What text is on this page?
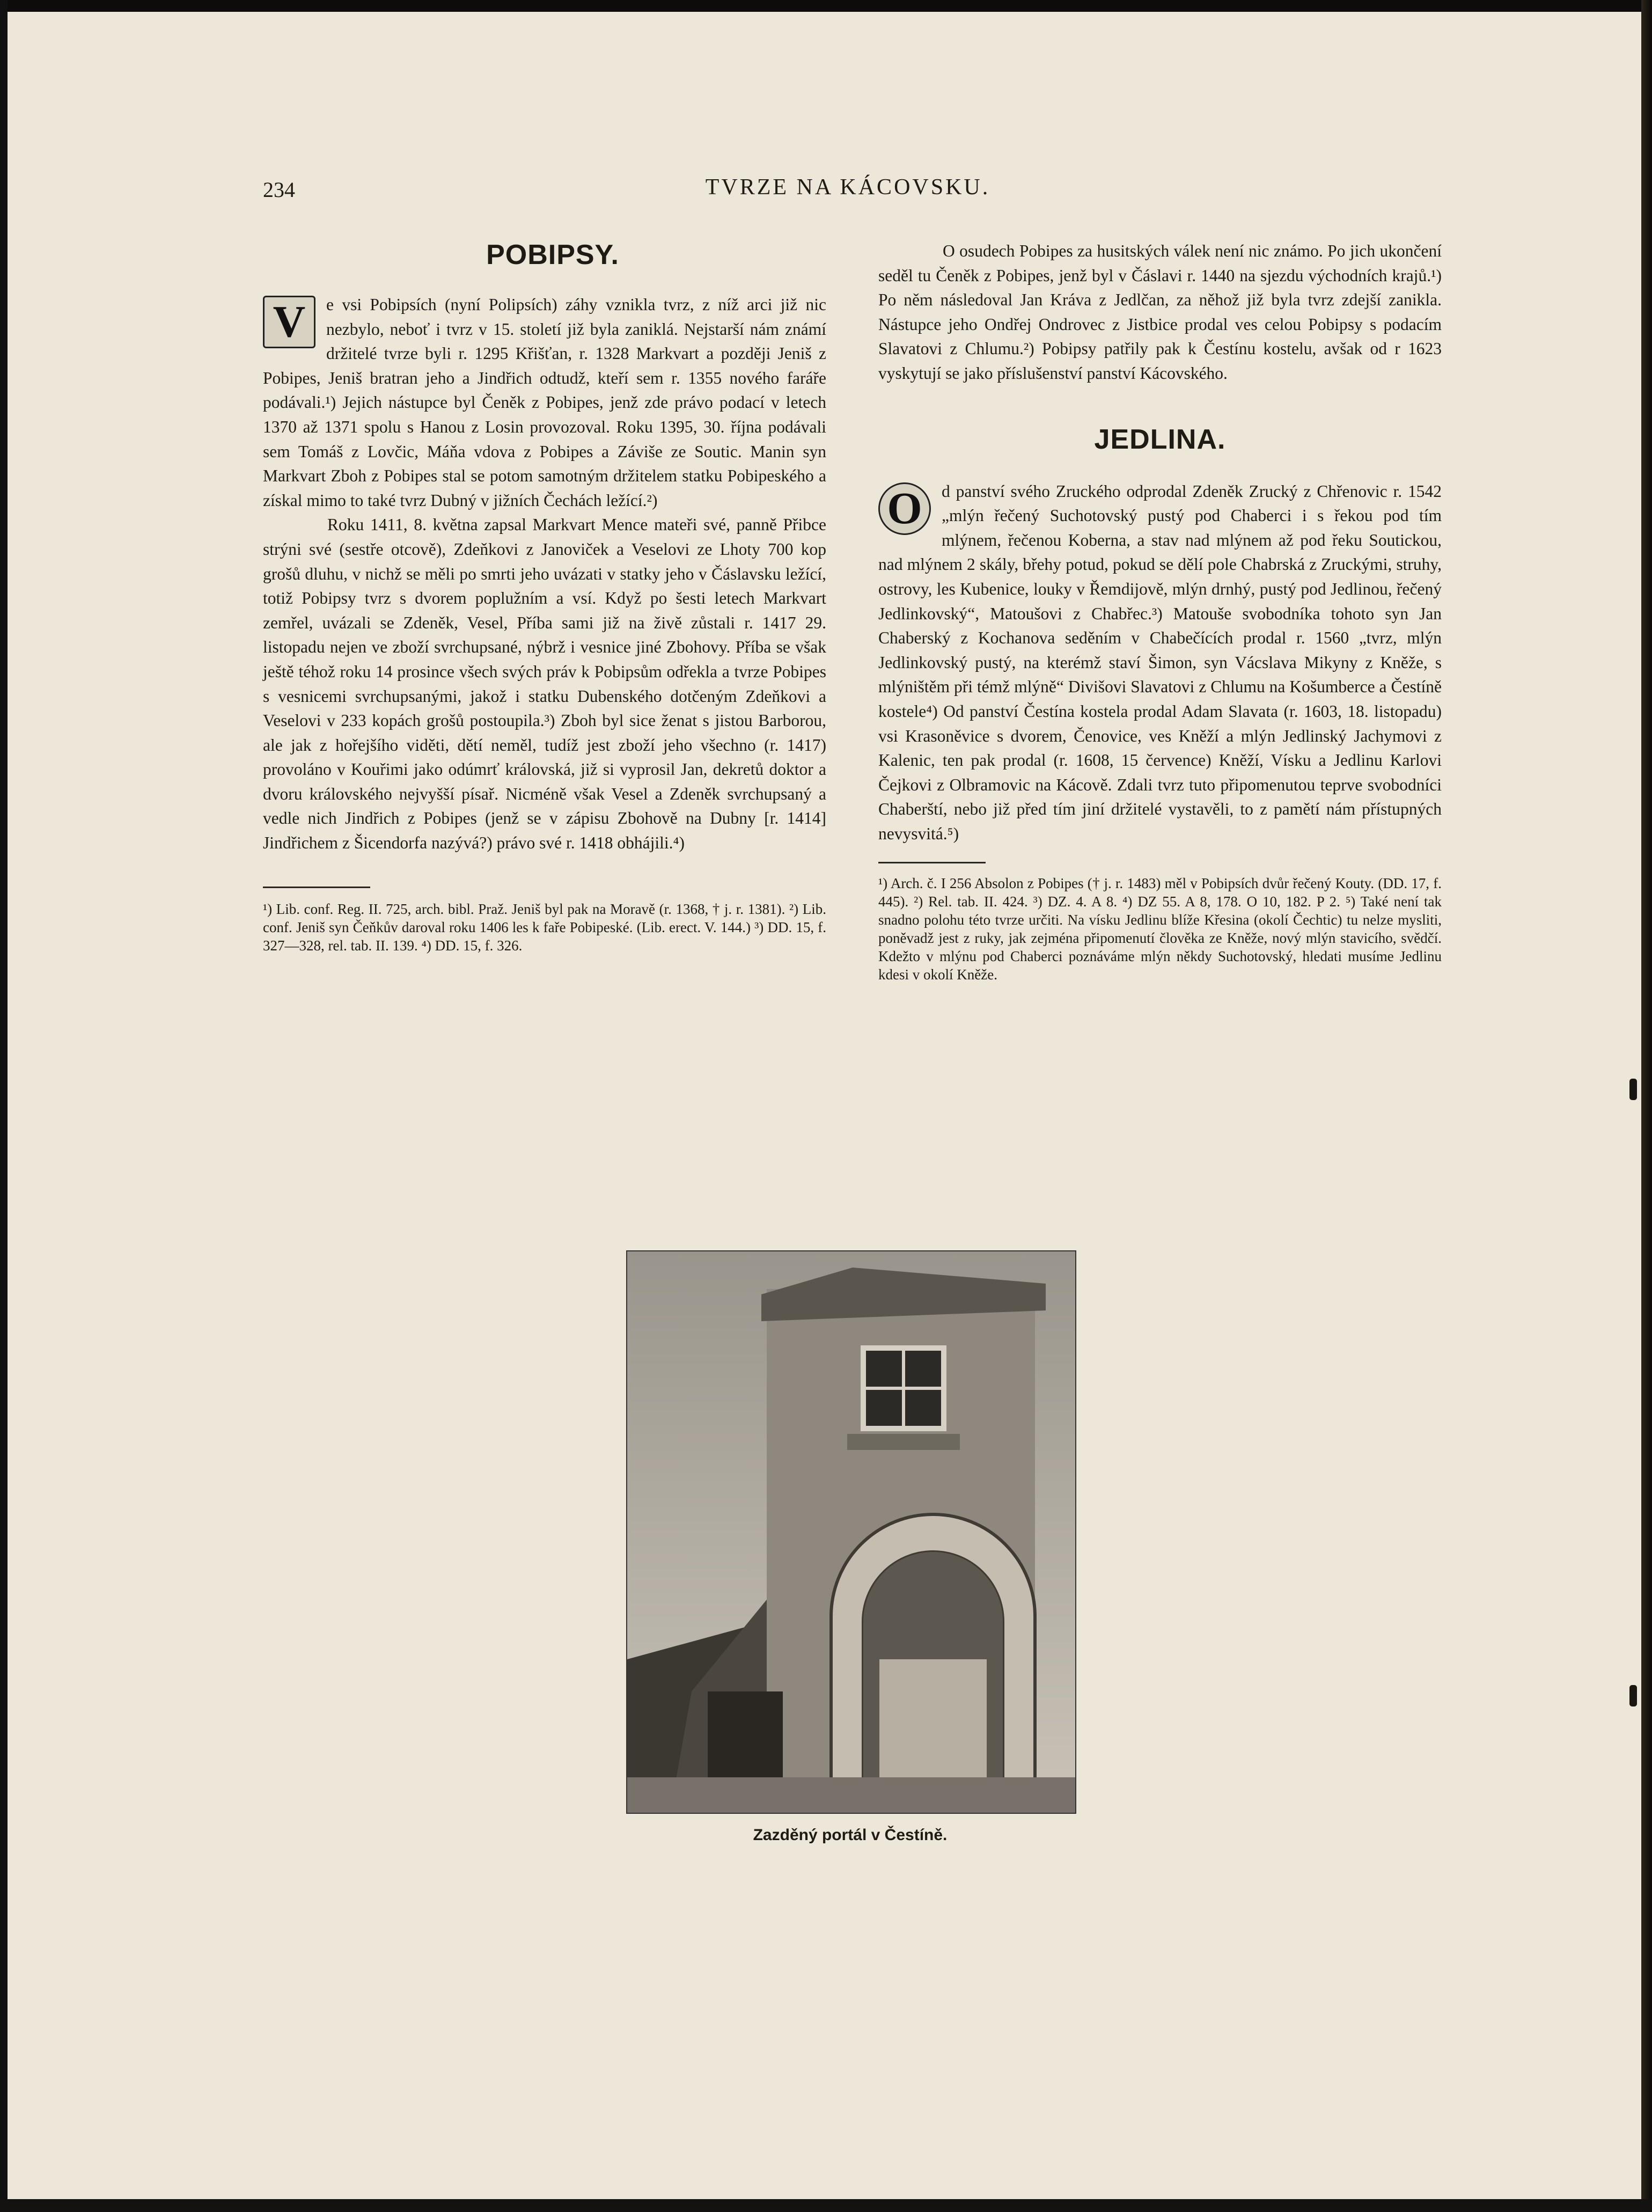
234	TVRZE NA KÁCOVSKU.
POBIPSY.

V	e vsi Pobipsích (nyní Polipsích) záhy vznikla tvrz, z níž arci již nic nezbylo, neboť i tvrz v 15. století již byla zaniklá. Nejstarší nám známí držitelé tvrze byli r. 1295 Křišťan, r. 1328 Markvart a později Jeniš z Pobipes, Jeniš bratran jeho a Jindřich odtudž, kteří sem r. 1355 nového faráře podávali.¹) Jejich nástupce byl Čeněk z Pobipes, jenž zde právo podací v letech 1370 až 1371 spolu s Hanou z Losin provozoval. Roku 1395, 30. října podávali sem Tomáš z Lovčic, Máňa vdova z Pobipes a Záviše ze Soutic. Manin syn Markvart Zboh z Pobipes stal se potom samotným držitelem statku Pobipeského a získal mimo to také tvrz Dubný v jižních Čechách ležící.²)

Roku 1411, 8. května zapsal Markvart Mence mateři své, panně Přibce strýni své (sestře otcově), Zdeňkovi z Janoviček a Veselovi ze Lhoty 700 kop grošů dluhu, v nichž se měli po smrti jeho uvázati v statky jeho v Čáslavsku ležící, totiž Pobipsy tvrz s dvorem poplužním a vsí. Když po šesti letech Markvart zemřel, uvázali se Zdeněk, Vesel, Příba sami již na živě zůstali r. 1417 29. listopadu nejen ve zboží svrchupsané, nýbrž i vesnice jiné Zbohovy. Příba se však ještě téhož roku 14 prosince všech svých práv k Pobipsům odřekla a tvrze Pobipes s vesnicemi svrchupsanými, jakož i statku Dubenského dotčeným Zdeňkovi a Veselovi v 233 kopách grošů postoupila.³) Zboh byl sice ženat s jistou Barborou, ale jak z hořejšího viděti, dětí neměl, tudíž jest zboží jeho všechno (r. 1417) provoláno v Kouřimi jako odúmrť královská, již si vyprosil Jan, dekretů doktor a dvoru královského nejvyšší písař. Nicméně však Vesel a Zdeněk svrchupsaný a vedle nich Jindřich z Pobipes (jenž se v zápisu Zbohově na Dubny [r. 1414] Jindřichem z Šicendorfa nazývá?) právo své r. 1418 obhájili.⁴)

¹) Lib. conf. Reg. II. 725, arch. bibl. Praž. Jeniš byl pak na Moravě (r. 1368, † j. r. 1381). ²) Lib. conf. Jeniš syn Čeňkův daroval roku 1406 les k faře Pobipeské. (Lib. erect. V. 144.) ³) DD. 15, f. 327—328, rel. tab. II. 139. ⁴) DD. 15, f. 326.

O osudech Pobipes za husitských válek není nic známo. Po jich ukončení seděl tu Čeněk z Pobipes, jenž byl v Čáslavi r. 1440 na sjezdu východních krajů.¹) Po něm následoval Jan Kráva z Jedlčan, za něhož již byla tvrz zdejší zanikla. Nástupce jeho Ondřej Ondrovec z Jistbice prodal ves celou Pobipsy s podacím Slavatovi z Chlumu.²) Pobipsy patřily pak k Čestínu kostelu, avšak od r 1623 vyskytují se jako příslušenství panství Kácovského.

JEDLINA.

O	d panství svého Zruckého odprodal Zdeněk Zrucký z Chřenovic r. 1542 „mlýn řečený Suchotovský pustý pod Chaberci i s řekou pod tím mlýnem, řečenou Koberna, a stav nad mlýnem až pod řeku Soutickou, nad mlýnem 2 skály, břehy potud, pokud se dělí pole Chabrská z Zruckými, struhy, ostrovy, les Kubenice, louky v Řemdijově, mlýn drnhý, pustý pod Jedlinou, řečený Jedlinkovský“, Matoušovi z Chabřec.³) Matouše svobodníka tohoto syn Jan Chaberský z Kochanova seděním v Chabečících prodal r. 1560 „tvrz, mlýn Jedlinkovský pustý, na kterémž staví Šimon, syn Vácslava Mikyny z Kněže, s mlýništěm při témž mlýně“ Divišovi Slavatovi z Chlumu na Košumberce a Čestíně kostele⁴) Od panství Čestína kostela prodal Adam Slavata (r. 1603, 18. listopadu) vsi Krasoněvice s dvorem, Čenovice, ves Kněží a mlýn Jedlinský Jachymovi z Kalenic, ten pak prodal (r. 1608, 15 července) Kněží, Vísku a Jedlinu Karlovi Čejkovi z Olbramovic na Kácově. Zdali tvrz tuto připomenutou teprve svobodníci Chaberští, nebo již před tím jiní držitelé vystavěli, to z pamětí nám přístupných nevysvitá.⁵)

¹) Arch. č. I 256 Absolon z Pobipes († j. r. 1483) měl v Pobipsích dvůr řečený Kouty. (DD. 17, f. 445). ²) Rel. tab. II. 424. ³) DZ. 4. A 8. ⁴) DZ 55. A 8, 178. O 10, 182. P 2. ⁵) Také není tak snadno polohu této tvrze určiti. Na vísku Jedlinu blíže Křesina (okolí Čechtic) tu nelze mysliti, poněvadž jest z ruky, jak zejména připomenutí člověka ze Kněže, nový mlýn stavicího, svědčí. Kdežto v mlýnu pod Chaberci poznáváme mlýn někdy Suchotovský, hledati musíme Jedlinu kdesi v okolí Kněže.

Zazděný portál v Čestíně.
